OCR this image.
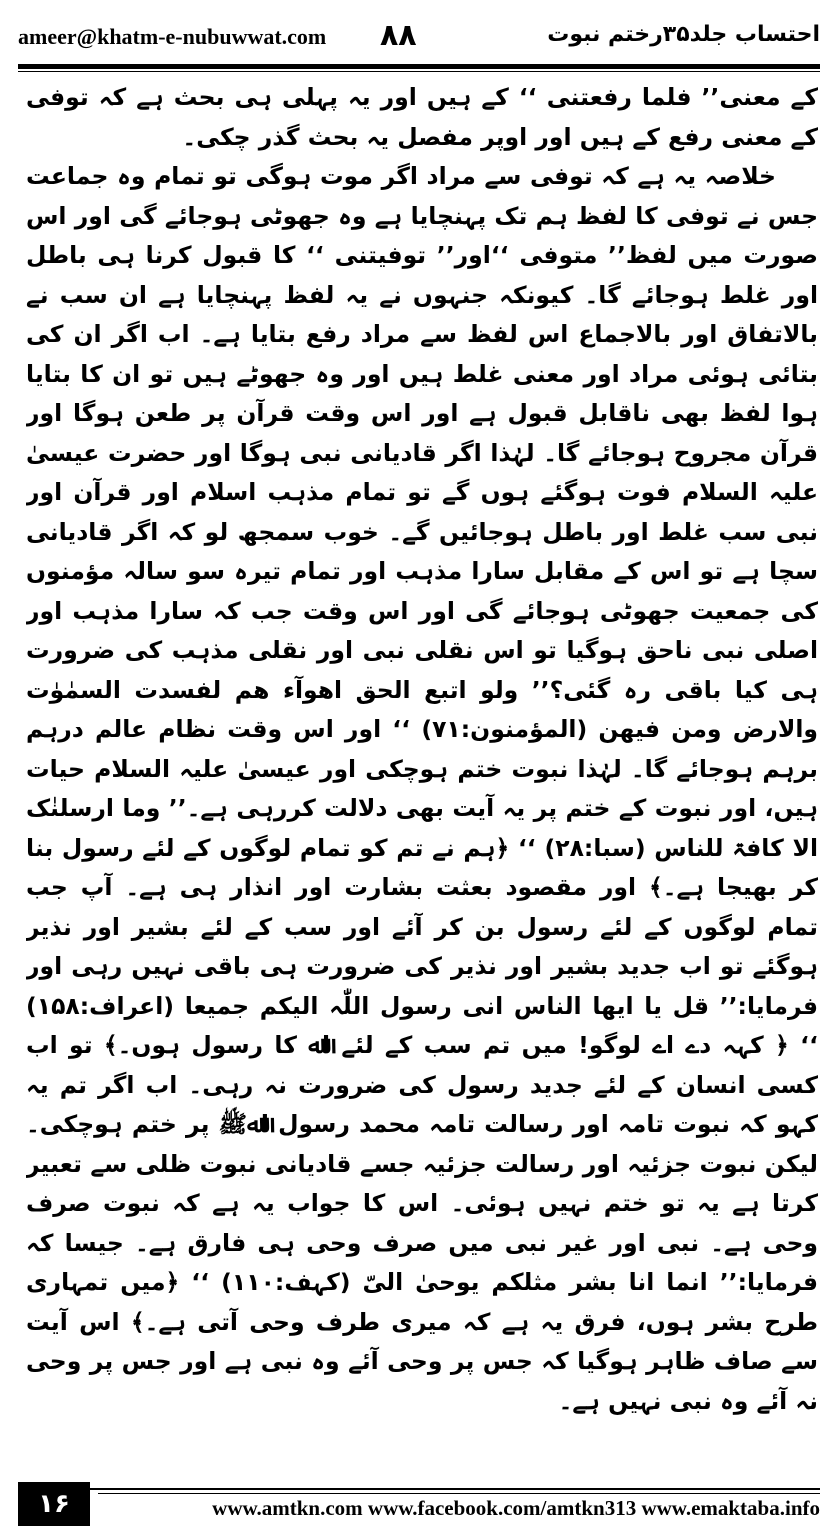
ameer@khatm-e-nubuwwat.com ۸۸	احتساب جلد۳۵رختم نبوت

کے معنی’’ فلما رفعتنی ‘‘ کے ہیں اور یہ پہلی ہی بحث ہے کہ توفی کے معنی رفع کے ہیں اور اوپر مفصل یہ بحث گذر چکی۔

خلاصہ یہ ہے کہ توفی سے مراد اگر موت ہوگی تو تمام وہ جماعت جس نے توفی کا لفظ ہم تک پہنچایا ہے وہ جھوٹی ہوجائے گی اور اس صورت میں لفظ’’ متوفی ‘‘اور’’ توفیتنی ‘‘ کا قبول کرنا ہی باطل اور غلط ہوجائے گا۔ کیونکہ جنہوں نے یہ لفظ پہنچایا ہے ان سب نے بالاتفاق اور بالاجماع اس لفظ سے مراد رفع بتایا ہے۔ اب اگر ان کی بتائی ہوئی مراد اور معنی غلط ہیں اور وہ جھوٹے ہیں تو ان کا بتایا ہوا لفظ بھی ناقابل قبول ہے اور اس وقت قرآن پر طعن ہوگا اور قرآن مجروح ہوجائے گا۔ لہٰذا اگر قادیانی نبی ہوگا اور حضرت عیسیٰ علیہ السلام فوت ہوگئے ہوں گے تو تمام مذہب اسلام اور قرآن اور نبی سب غلط اور باطل ہوجائیں گے۔ خوب سمجھ لو کہ اگر قادیانی سچا ہے تو اس کے مقابل سارا مذہب اور تمام تیرہ سو سالہ مؤمنوں کی جمعیت جھوٹی ہوجائے گی اور اس وقت جب کہ سارا مذہب اور اصلی نبی ناحق ہوگیا تو اس نقلی نبی اور نقلی مذہب کی ضرورت ہی کیا باقی رہ گئی؟’’ ولو اتبع الحق اھوآء ھم لفسدت السمٰوٰت والارض ومن فیھن (المؤمنون:۷۱) ‘‘ اور اس وقت نظام عالم درہم برہم ہوجائے گا۔ لہٰذا نبوت ختم ہوچکی اور عیسیٰ علیہ السلام حیات ہیں، اور نبوت کے ختم پر یہ آیت بھی دلالت کررہی ہے۔’’ وما ارسلنٰک الا کافۃ للناس (سبا:۲۸) ‘‘ ﴿ہم نے تم کو تمام لوگوں کے لئے رسول بنا کر بھیجا ہے۔﴾ اور مقصود بعثت بشارت اور انذار ہی ہے۔ آپ جب تمام لوگوں کے لئے رسول بن کر آئے اور سب کے لئے بشیر اور نذیر ہوگئے تو اب جدید بشیر اور نذیر کی ضرورت ہی باقی نہیں رہی اور فرمایا:’’ قل یا ایھا الناس انی رسول اللّٰہ الیکم جمیعا (اعراف:۱۵۸) ‘‘ ﴿ کہہ دے اے لوگو! میں تم سب کے لئے اﷲ کا رسول ہوں۔﴾ تو اب کسی انسان کے لئے جدید رسول کی ضرورت نہ رہی۔ اب اگر تم یہ کہو کہ نبوت تامہ اور رسالت تامہ محمد رسول اﷲﷺ پر ختم ہوچکی۔ لیکن نبوت جزئیہ اور رسالت جزئیہ جسے قادیانی نبوت ظلی سے تعبیر کرتا ہے یہ تو ختم نہیں ہوئی۔ اس کا جواب یہ ہے کہ نبوت صرف وحی ہے۔ نبی اور غیر نبی میں صرف وحی ہی فارق ہے۔ جیسا کہ فرمایا:’’ انما انا بشر مثلکم یوحیٰ الیّ (کہف:۱۱۰) ‘‘ ﴿میں تمہاری طرح بشر ہوں، فرق یہ ہے کہ میری طرف وحی آتی ہے۔﴾ اس آیت سے صاف ظاہر ہوگیا کہ جس پر وحی آئے وہ نبی ہے اور جس پر وحی نہ آئے وہ نبی نہیں ہے۔

۱۶	www.amtkn.com www.facebook.com/amtkn313 www.emaktaba.info
